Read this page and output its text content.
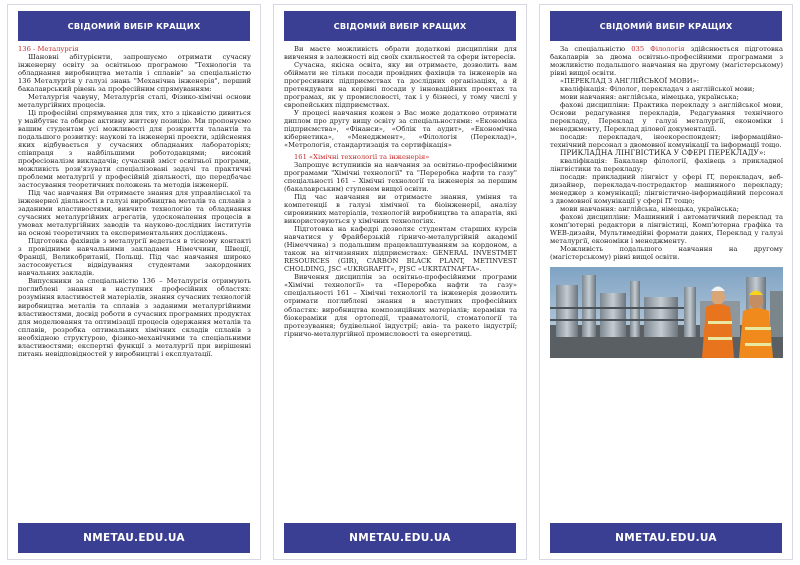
СВІДОМИЙ ВИБІР КРАЩИХ

136 - Металургія

Шановні абітурієнти, запрошуємо отримати сучасну інженерну освіту за освітньою програмою "Технологія та обладнання виробництва металів і сплавів" за спеціальністю 136 Металургія у галузі знань "Механічна інженерія", перший бакалаврський рівень за професійним спрямуванням:

Металургія чавуну, Металургія сталі, Фізико-хімічні основи металургійних процесів.

Ці професійні спрямування для тих, хто з цікавістю дивиться у майбутнє та обирає активну життєву позицію. Ми пропонуємо вашим студентам усі можливості для розкриття талантів та подальшого розвитку: наукові та інженерні проекти, здійснення яких відбувається у сучасних обладнаних лабораторіях; співпраця з найбільшими роботодавцями; високий професіоналізм викладачів; сучасний зміст освітньої програми, можливість розв'язувати спеціалізовані задачі та практичні проблеми металургії у професійній діяльності, що передбачає застосування теоретичних положень та методів інженерії.

Під час навчання Ви отримаєте знання для управлінської та інженерної діяльності в галузі виробництва металів та сплавів з заданими властивостями, вивчите технологію та обладнання сучасних металургійних агрегатів, удосконалення процесів в умовах металургійних заводів та науково-дослідних інститутів на основі теоретичних та експериментальних досліджень.

Підготовка фахівців з металургії ведеться в тісному контакті з провідними навчальними закладами Німеччини, Швеції, Франції, Великобританії, Польщі. Під час навчання широко застосовується відвідування студентами закордонних навчальних закладів.

Випускники за спеціальністю 136 – Металургія отримують поглиблені знання в наступних професійних областях: розуміння властивостей матеріалів, знання сучасних технологій виробництва металів та сплавів з заданими металургійними властивостями, досвід роботи в сучасних програмних продуктах для моделювання та оптимізації процесів одержання металів та сплавів, розробка оптимальних хімічних складів сплавів з необхідною структурою, фізико-механічними та спеціальними властивостями; експертні функції з металургії при вирішенні питань невідповідностей у виробництві і експлуатації.

NMETAU.EDU.UA
СВІДОМИЙ ВИБІР КРАЩИХ

Ви маєте можливість обрати додаткові дисципліни для вивчення в залежності від своїх схильностей та сфери інтересів.

Сучасна, якісна освіта, яку ви отримаєте, дозволить вам обіймати не тільки посади провідних фахівців та інженерів на прогресивних підприємствах та дослідних організаціях, а й претендувати на керівні посади у інноваційних проектах та програмах, як у промисловості, так і у бізнесі, у тому числі у європейських підприємствах.

У процесі навчання кожен з Вас може додатково отримати диплом про другу вищу освіту за спеціальностями: «Економіка підприємства», «Фінанси», «Облік та аудит», «Економічна кібернетика», «Менеджмент», «Філологія (Переклад)», «Метрологія, стандартизація та сертифікація»

161 «Хімічні технології та інженерія»

Запрошує вступників на навчання за освітньо-професійними програмами "Хімічні технології" та "Переробка нафти та газу" спеціальності 161 – Хімічні технології та інженерія за першим (бакалаврським) ступенем вищої освіти.

Під час навчання ви отримаєте знання, уміння та компетенції в галузі хімічної та біоінженерії, аналізу сировинних матеріалів, технологій виробництва та апаратів, які використовуються у хімічних технологіях.

Підготовка на кафедрі дозволяє студентам старших курсів навчатися у Фрайберзькій гірничо-металургійній академії (Німеччина) з подальшим працевлаштуванням за кордоном, а також на вітчизняних підприємствах: GENERAL INVESTMET RESOURCES (GIR), CARBON BLACK PLANT, METINVEST CHOLDING, JSC «UKRGRAFIT», PJSC «UKRTATNAFTA».

Вивчення дисциплін за освітньо-професійними програми «Хімічні технології» та «Переробка нафти та газу» спеціальності 161 – Хімічні технології та інженерія дозволить отримати поглиблені знання в наступних професійних областях: виробництва композиційних матеріалів; кераміки та біокераміки для ортопедії, травматології, стоматології та протезування; будівельної індустрії; авіа- та ракето індустрії; гірничо-металургійної промисловості та енергетиці.

NMETAU.EDU.UA
СВІДОМИЙ ВИБІР КРАЩИХ

За спеціальністю 035 Філологія здійснюється підготовка бакалаврів за двома освітньо-професійними програмами з можливістю подальшого навчання на другому (магістерському) рівні вищої освіти.

«ПЕРЕКЛАД З АНГЛІЙСЬКОЇ МОВИ»:

кваліфікація: Філолог, перекладач з англійської мови;

мови навчання: англійська, німецька, українська;

фахові дисципліни: Практика перекладу з англійської мови, Основи редагування перекладів, Редагування технічного перекладу, Переклад у галузі металургії, економіки і менеджменту, Переклад ділової документації.

посади: перекладач, іноекореспондент; інформаційно-технічний персонал з двомовної комунікації та інформації тощо.

ПРИКЛАДНА ЛІНГВІСТИКА У СФЕРІ ПЕРЕКЛАДУ»:

кваліфікація: Бакалавр філології, фахівець з прикладної лінгвістики та перекладу;

посади: прикладний лінгвіст у сфері IT, перекладач, веб-дизайнер, перекладач-постредактор машинного перекладу; менеджер з комунікації; лінгвістично-інформаційний персонал з двомовної комунікації у сфері IT тощо;

мови навчання: англійська, німецька, українська;

фахові дисципліни: Машинний і автоматичний переклад та комп'ютерні редактори в лінгвістиці, Комп'ютерна графіка та WEB-дизайн, Мультимедійні формати даних, Переклад у галузі металургії, економіки і менеджменту.

Можливість подальшого навчання на другому (магістерському) рівні вищої освіти.

NMETAU.EDU.UA
